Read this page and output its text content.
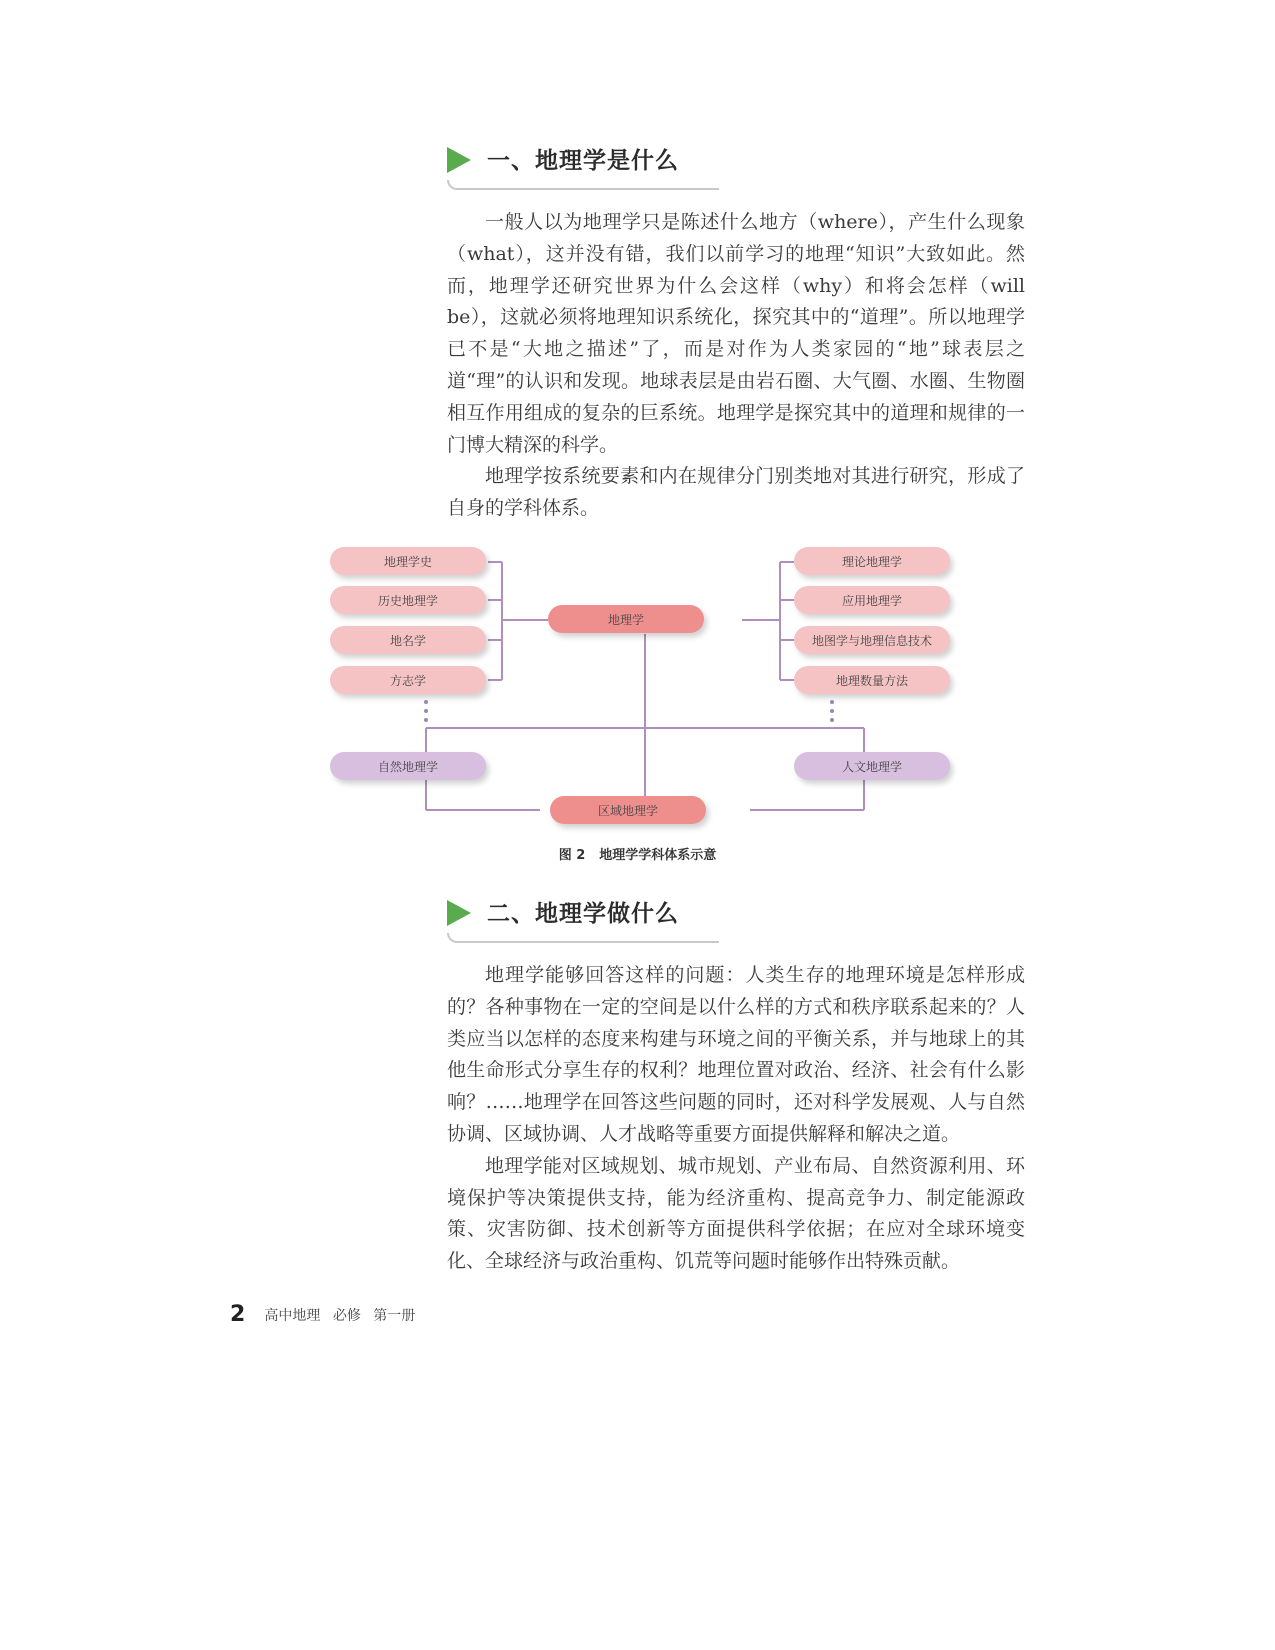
一、地理学是什么

一般人以为地理学只是陈述什么地方（where），产生什么现象（what），这并没有错，我们以前学习的地理“知识”大致如此。然而，地理学还研究世界为什么会这样（why）和将会怎样（will be），这就必须将地理知识系统化，探究其中的“道理”。所以地理学已不是“大地之描述”了，而是对作为人类家园的“地”球表层之道“理”的认识和发现。地球表层是由岩石圈、大气圈、水圈、生物圈相互作用组成的复杂的巨系统。地理学是探究其中的道理和规律的一门博大精深的科学。

地理学按系统要素和内在规律分门别类地对其进行研究，形成了自身的学科体系。

地理学史
历史地理学
地名学
方志学
地理学
理论地理学
应用地理学
地图学与地理信息技术
地理数量方法
自然地理学	人文地理学
区域地理学
图 2 地理学学科体系示意
二、地理学做什么

地理学能够回答这样的问题：人类生存的地理环境是怎样形成的？各种事物在一定的空间是以什么样的方式和秩序联系起来的？人类应当以怎样的态度来构建与环境之间的平衡关系，并与地球上的其他生命形式分享生存的权利？地理位置对政治、经济、社会有什么影响？……地理学在回答这些问题的同时，还对科学发展观、人与自然协调、区域协调、人才战略等重要方面提供解释和解决之道。

地理学能对区域规划、城市规划、产业布局、自然资源利用、环境保护等决策提供支持，能为经济重构、提高竞争力、制定能源政策、灾害防御、技术创新等方面提供科学依据；在应对全球环境变化、全球经济与政治重构、饥荒等问题时能够作出特殊贡献。

2 高中地理 必修 第一册
